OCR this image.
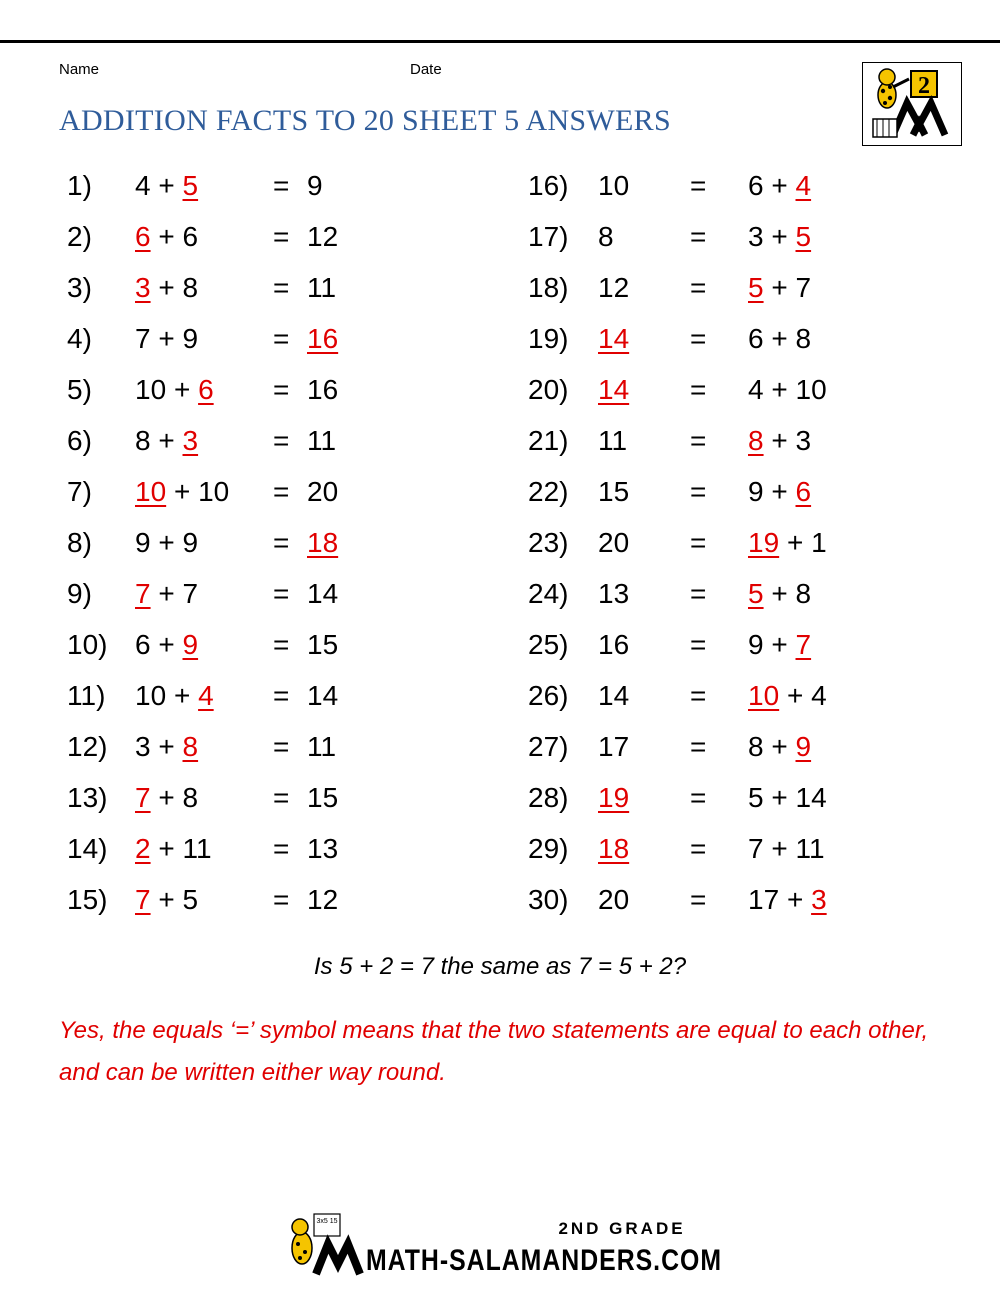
Name	Date
ADDITION FACTS TO 20 SHEET 5 ANSWERS
2
1) 4 + 5	= 9
2) 6 + 6	= 12
3) 3 + 8	= 11
4) 7 + 9	= 16
5) 10 + 6 = 16
6) 8 + 3	= 11
7) 10 + 10 = 20
8) 9 + 9	= 18
9) 7 + 7	= 14
10) 6 + 9	= 15
11) 10 + 4 = 14
12) 3 + 8	= 11
13) 7 + 8	= 15
14) 2 + 11 = 13
15) 7 + 5	= 12
16) 10 = 6 + 4
17) 8	= 3 + 5
18) 12 = 5 + 7
19) 14 = 6 + 8
20) 14 = 4 + 10
21) 11 = 8 + 3
22) 15 = 9 + 6
23) 20 = 19 + 1
24) 13 = 5 + 8
25) 16 = 9 + 7
26) 14 = 10 + 4
27) 17 = 8 + 9
28) 19 = 5 + 14
29) 18 = 7 + 11
30) 20 = 17 + 3
Is 5 + 2 = 7 the same as 7 = 5 + 2?
Yes, the equals ‘=’ symbol means that the two statements are equal to each other, and can be written either way round.
3x5 15	2ND GRADE
MATH-SALAMANDERS.COM
